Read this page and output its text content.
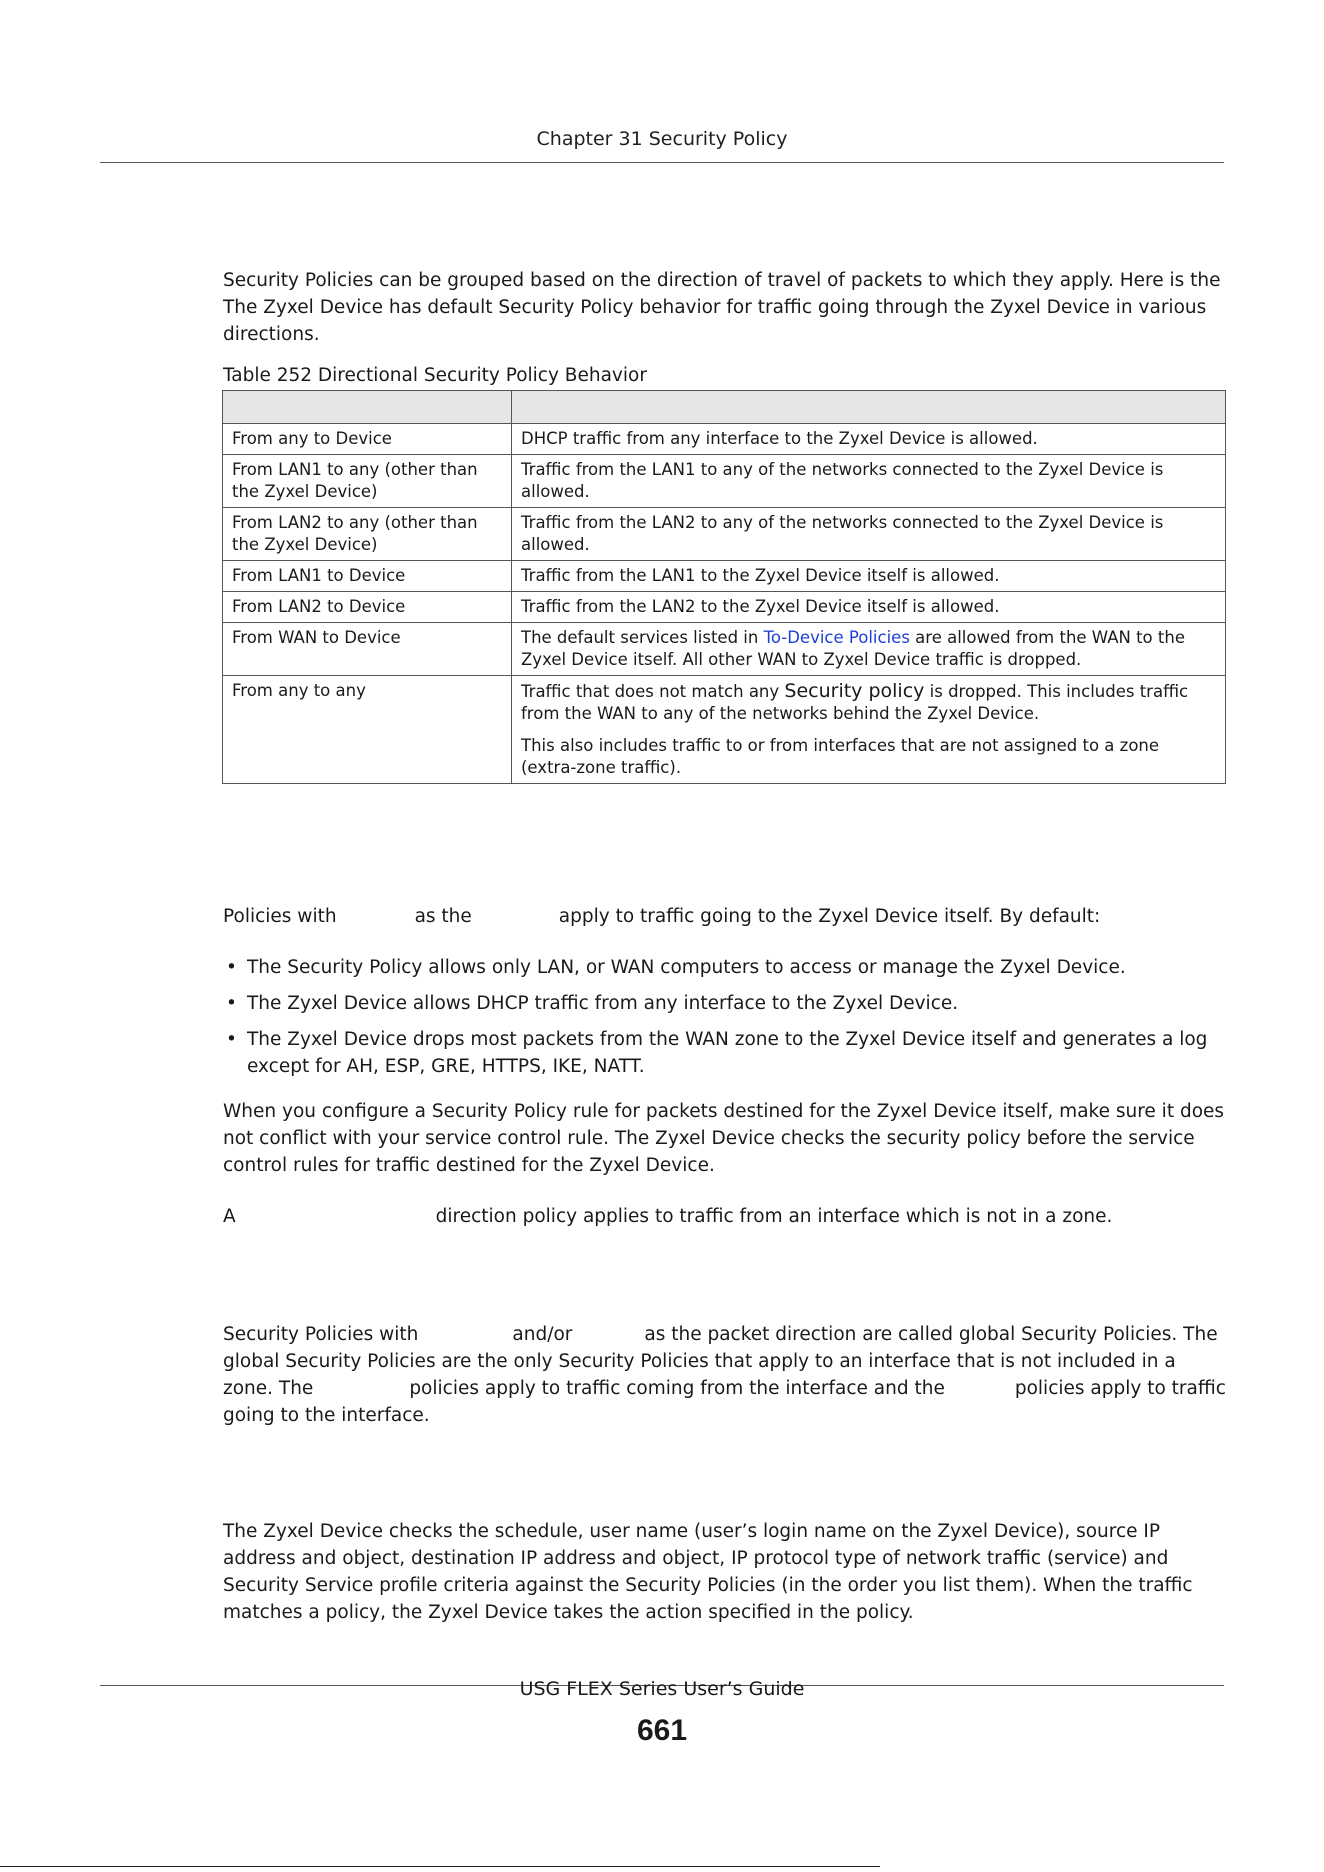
Chapter 31 Security Policy
Security Policies can be grouped based on the direction of travel of packets to which they apply. Here is the The Zyxel Device has default Security Policy behavior for traffic going through the Zyxel Device in various directions.
Table 252 Directional Security Policy Behavior

From any to Device	DHCP traffic from any interface to the Zyxel Device is allowed.
From LAN1 to any (other than the Zyxel Device)	Traffic from the LAN1 to any of the networks connected to the Zyxel Device is allowed.
From LAN2 to any (other than the Zyxel Device)	Traffic from the LAN2 to any of the networks connected to the Zyxel Device is allowed.
From LAN1 to Device	Traffic from the LAN1 to the Zyxel Device itself is allowed.
From LAN2 to Device	Traffic from the LAN2 to the Zyxel Device itself is allowed.
From WAN to Device	The default services listed in To-Device Policies are allowed from the WAN to the Zyxel Device itself. All other WAN to Zyxel Device traffic is dropped.
From any to any	Traffic that does not match any Security policy is dropped. This includes traffic from the WAN to any of the networks behind the Zyxel Device.

This also includes traffic to or from interfaces that are not assigned to a zone (extra-zone traffic).

Policies with	as the	apply to traffic going to the Zyxel Device itself. By default:
• The Security Policy allows only LAN, or WAN computers to access or manage the Zyxel Device.
• The Zyxel Device allows DHCP traffic from any interface to the Zyxel Device.
• The Zyxel Device drops most packets from the WAN zone to the Zyxel Device itself and generates a log except for AH, ESP, GRE, HTTPS, IKE, NATT.
When you configure a Security Policy rule for packets destined for the Zyxel Device itself, make sure it does not conflict with your service control rule. The Zyxel Device checks the security policy before the service control rules for traffic destined for the Zyxel Device.
A	direction policy applies to traffic from an interface which is not in a zone.
Security Policies with	and/or	as the packet direction are called global Security Policies. The global Security Policies are the only Security Policies that apply to an interface that is not included in a zone. The	policies apply to traffic coming from the interface and the	policies apply to traffic going to the interface.
The Zyxel Device checks the schedule, user name (user’s login name on the Zyxel Device), source IP address and object, destination IP address and object, IP protocol type of network traffic (service) and Security Service profile criteria against the Security Policies (in the order you list them). When the traffic matches a policy, the Zyxel Device takes the action specified in the policy.
USG FLEX Series User’s Guide
661
